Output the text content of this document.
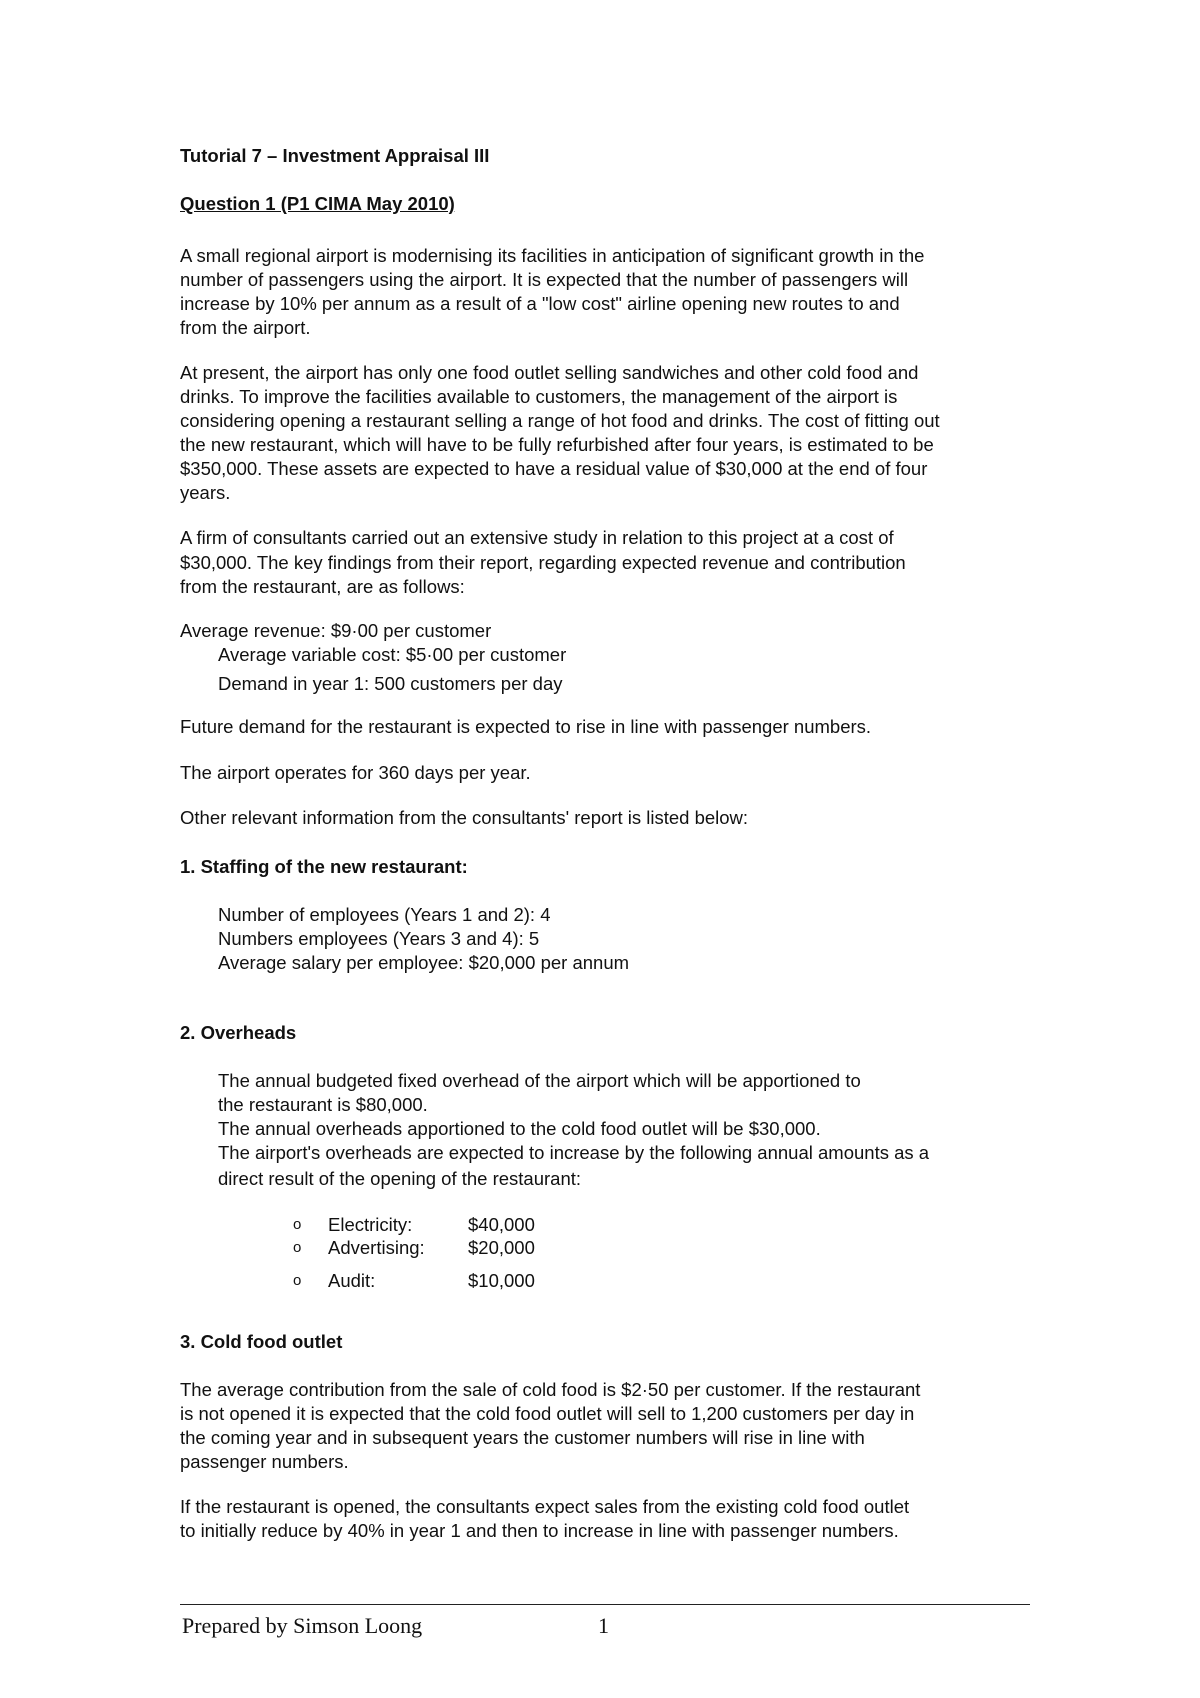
Tutorial 7 – Investment Appraisal III
Question 1 (P1 CIMA May 2010)
A small regional airport is modernising its facilities in anticipation of significant growth in the
number of passengers using the airport. It is expected that the number of passengers will
increase by 10% per annum as a result of a "low cost" airline opening new routes to and
from the airport.
At present, the airport has only one food outlet selling sandwiches and other cold food and
drinks. To improve the facilities available to customers, the management of the airport is
considering opening a restaurant selling a range of hot food and drinks. The cost of fitting out
the new restaurant, which will have to be fully refurbished after four years, is estimated to be
$350,000. These assets are expected to have a residual value of $30,000 at the end of four
years.
A firm of consultants carried out an extensive study in relation to this project at a cost of
$30,000. The key findings from their report, regarding expected revenue and contribution
from the restaurant, are as follows:
Average revenue: $9·00 per customer
Average variable cost: $5·00 per customer
Demand in year 1: 500 customers per day
Future demand for the restaurant is expected to rise in line with passenger numbers.
The airport operates for 360 days per year.
Other relevant information from the consultants' report is listed below:
1. Staffing of the new restaurant:
Number of employees (Years 1 and 2): 4
Numbers employees (Years 3 and 4): 5
Average salary per employee: $20,000 per annum
2. Overheads
The annual budgeted fixed overhead of the airport which will be apportioned to
the restaurant is $80,000.
The annual overheads apportioned to the cold food outlet will be $30,000.
The airport's overheads are expected to increase by the following annual amounts as a
direct result of the opening of the restaurant:
o Electricity:	$40,000
o Advertising: $20,000
o Audit:	$10,000
3. Cold food outlet
The average contribution from the sale of cold food is $2·50 per customer. If the restaurant
is not opened it is expected that the cold food outlet will sell to 1,200 customers per day in
the coming year and in subsequent years the customer numbers will rise in line with
passenger numbers.
If the restaurant is opened, the consultants expect sales from the existing cold food outlet
to initially reduce by 40% in year 1 and then to increase in line with passenger numbers.
Prepared by Simson Loong	1
